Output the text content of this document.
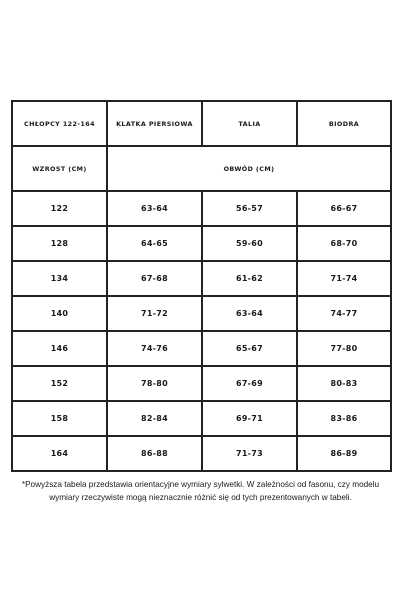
CHŁOPCY 122-164	KLATKA PIERSIOWA	TALIA	BIODRA
WZROST (CM)	OBWÓD (CM)		
122	63-64	56-57	66-67
128	64-65	59-60	68-70
134	67-68	61-62	71-74
140	71-72	63-64	74-77
146	74-76	65-67	77-80
152	78-80	67-69	80-83
158	82-84	69-71	83-86
164	86-88	71-73	86-89
*Powyższa tabela przedstawia orientacyjne wymiary sylwetki. W zależności od fasonu, czy modelu
wymiary rzeczywiste mogą nieznacznie różnić się od tych prezentowanych w tabeli.
